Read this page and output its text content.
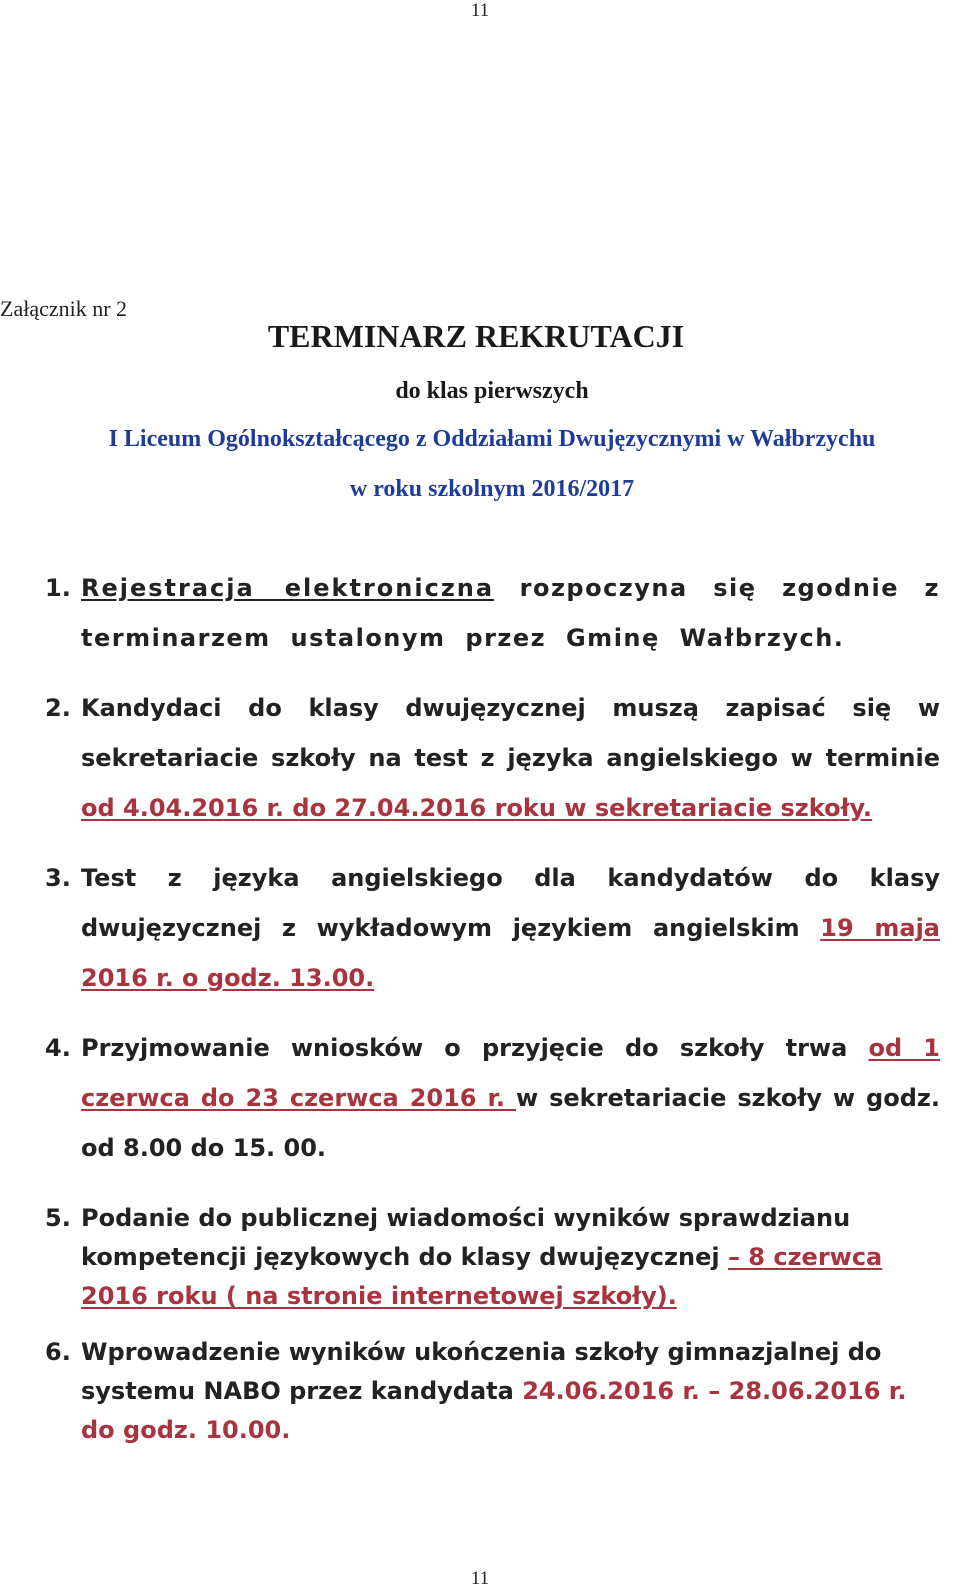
11
Załącznik nr 2
TERMINARZ REKRUTACJI
do klas pierwszych
I Liceum Ogólnokształcącego z Oddziałami Dwujęzycznymi w Wałbrzychu
w roku szkolnym 2016/2017
1. Rejestracja elektroniczna rozpoczyna się zgodnie z terminarzem ustalonym przez Gminę Wałbrzych.
2. Kandydaci do klasy dwujęzycznej muszą zapisać się w sekretariacie szkoły na test z języka angielskiego w terminie od 4.04.2016 r. do 27.04.2016 roku w sekretariacie szkoły.
3. Test z języka angielskiego dla kandydatów do klasy dwujęzycznej z wykładowym językiem angielskim 19 maja 2016 r. o godz. 13.00.
4. Przyjmowanie wniosków o przyjęcie do szkoły trwa od 1 czerwca do 23 czerwca 2016 r. w sekretariacie szkoły w godz. od 8.00 do 15. 00.
5. Podanie do publicznej wiadomości wyników sprawdzianu kompetencji językowych do klasy dwujęzycznej – 8 czerwca 2016 roku ( na stronie internetowej szkoły).
6. Wprowadzenie wyników ukończenia szkoły gimnazjalnej do systemu NABO przez kandydata 24.06.2016 r. – 28.06.2016 r. do godz. 10.00.
11
